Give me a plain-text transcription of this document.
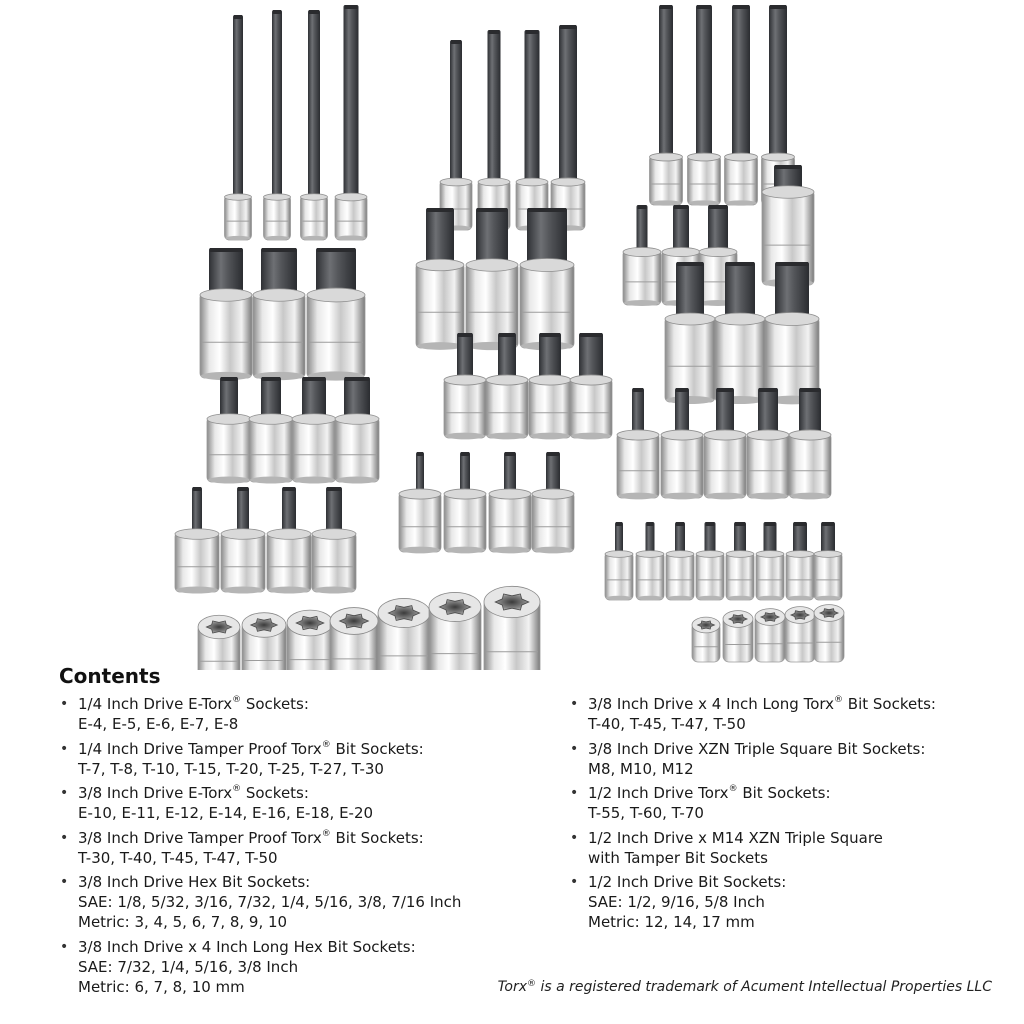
Contents
• 1/4 Inch Drive E-Torx® Sockets:
E-4, E-5, E-6, E-7, E-8
• 1/4 Inch Drive Tamper Proof Torx® Bit Sockets:
T-7, T-8, T-10, T-15, T-20, T-25, T-27, T-30
• 3/8 Inch Drive E-Torx® Sockets:
E-10, E-11, E-12, E-14, E-16, E-18, E-20
• 3/8 Inch Drive Tamper Proof Torx® Bit Sockets:
T-30, T-40, T-45, T-47, T-50
• 3/8 Inch Drive Hex Bit Sockets:
SAE: 1/8, 5/32, 3/16, 7/32, 1/4, 5/16, 3/8, 7/16 Inch
Metric: 3, 4, 5, 6, 7, 8, 9, 10
• 3/8 Inch Drive x 4 Inch Long Hex Bit Sockets:
SAE: 7/32, 1/4, 5/16, 3/8 Inch
Metric: 6, 7, 8, 10 mm
• 3/8 Inch Drive x 4 Inch Long Torx® Bit Sockets:
T-40, T-45, T-47, T-50
• 3/8 Inch Drive XZN Triple Square Bit Sockets:
M8, M10, M12
• 1/2 Inch Drive Torx® Bit Sockets:
T-55, T-60, T-70
• 1/2 Inch Drive x M14 XZN Triple Square
with Tamper Bit Sockets
• 1/2 Inch Drive Bit Sockets:
SAE: 1/2, 9/16, 5/8 Inch
Metric: 12, 14, 17 mm
Torx® is a registered trademark of Acument Intellectual Properties LLC
